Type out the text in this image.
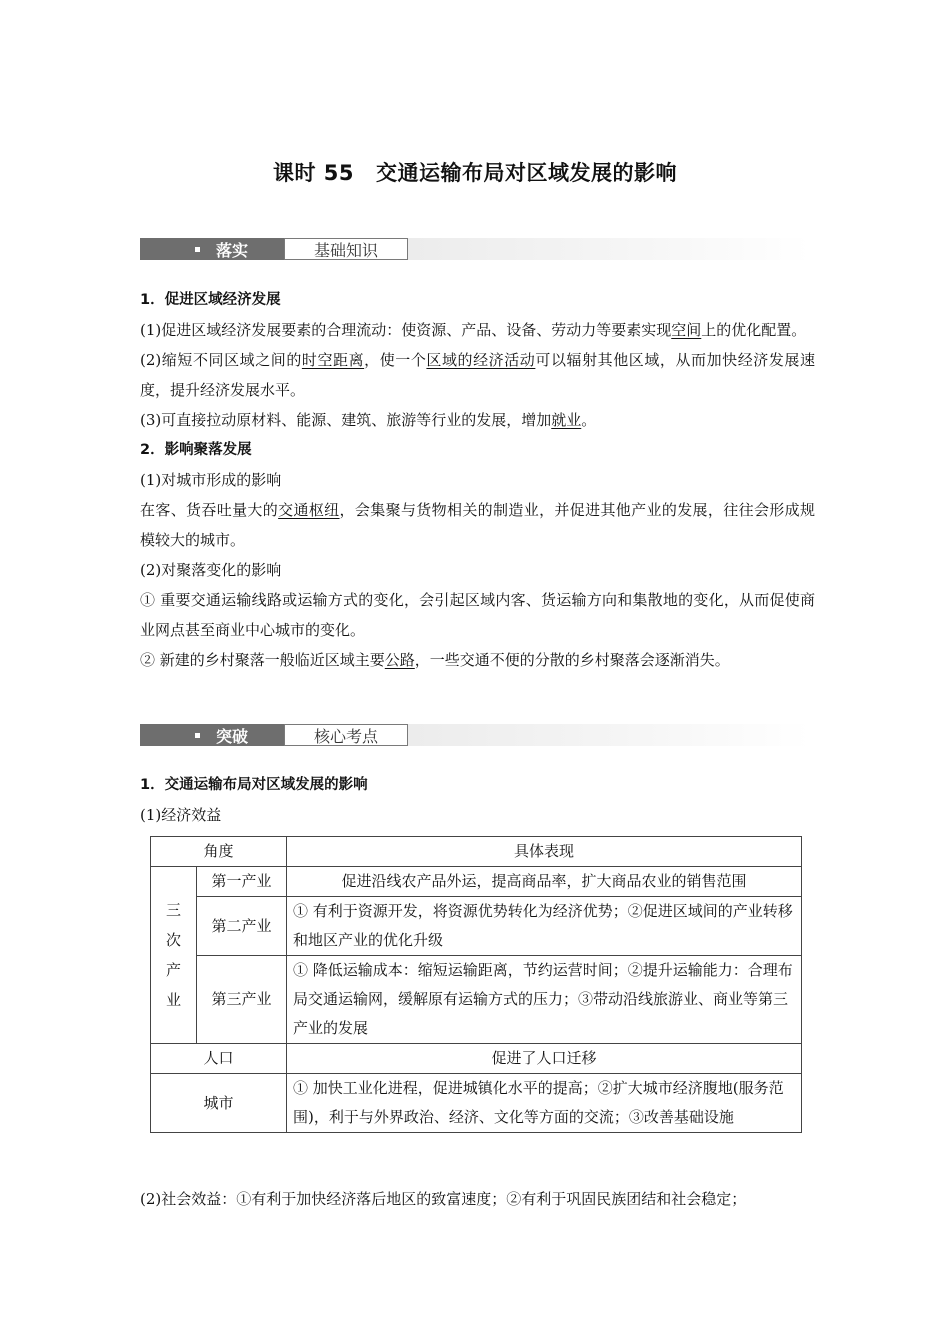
课时 55 交通运输布局对区域发展的影响
落实	基础知识

1．促进区域经济发展

(1)促进区域经济发展要素的合理流动：使资源、产品、设备、劳动力等要素实现空间上的优化配置。

(2)缩短不同区域之间的时空距离，使一个区域的经济活动可以辐射其他区域，从而加快经济发展速度，提升经济发展水平。

(3)可直接拉动原材料、能源、建筑、旅游等行业的发展，增加就业。

2．影响聚落发展

(1)对城市形成的影响

在客、货吞吐量大的交通枢纽，会集聚与货物相关的制造业，并促进其他产业的发展，往往会形成规模较大的城市。

(2)对聚落变化的影响

① 重要交通运输线路或运输方式的变化，会引起区域内客、货运输方向和集散地的变化，从而促使商业网点甚至商业中心城市的变化。

② 新建的乡村聚落一般临近区域主要公路，一些交通不便的分散的乡村聚落会逐渐消失。

突破	核心考点

1．交通运输布局对区域发展的影响

(1)经济效益

角度		具体表现

三
次
产
业	第一产业	促进沿线农产品外运，提高商品率，扩大商品农业的销售范围
	第二产业	① 有利于资源开发，将资源优势转化为经济优势；②促进区域间的产业转移和地区产业的优化升级
	第三产业	① 降低运输成本：缩短运输距离，节约运营时间；②提升运输能力：合理布局交通运输网，缓解原有运输方式的压力；③带动沿线旅游业、商业等第三产业的发展
人口		促进了人口迁移
城市		① 加快工业化进程，促进城镇化水平的提高；②扩大城市经济腹地(服务范围)，利于与外界政治、经济、文化等方面的交流；③改善基础设施

(2)社会效益：①有利于加快经济落后地区的致富速度；②有利于巩固民族团结和社会稳定；
